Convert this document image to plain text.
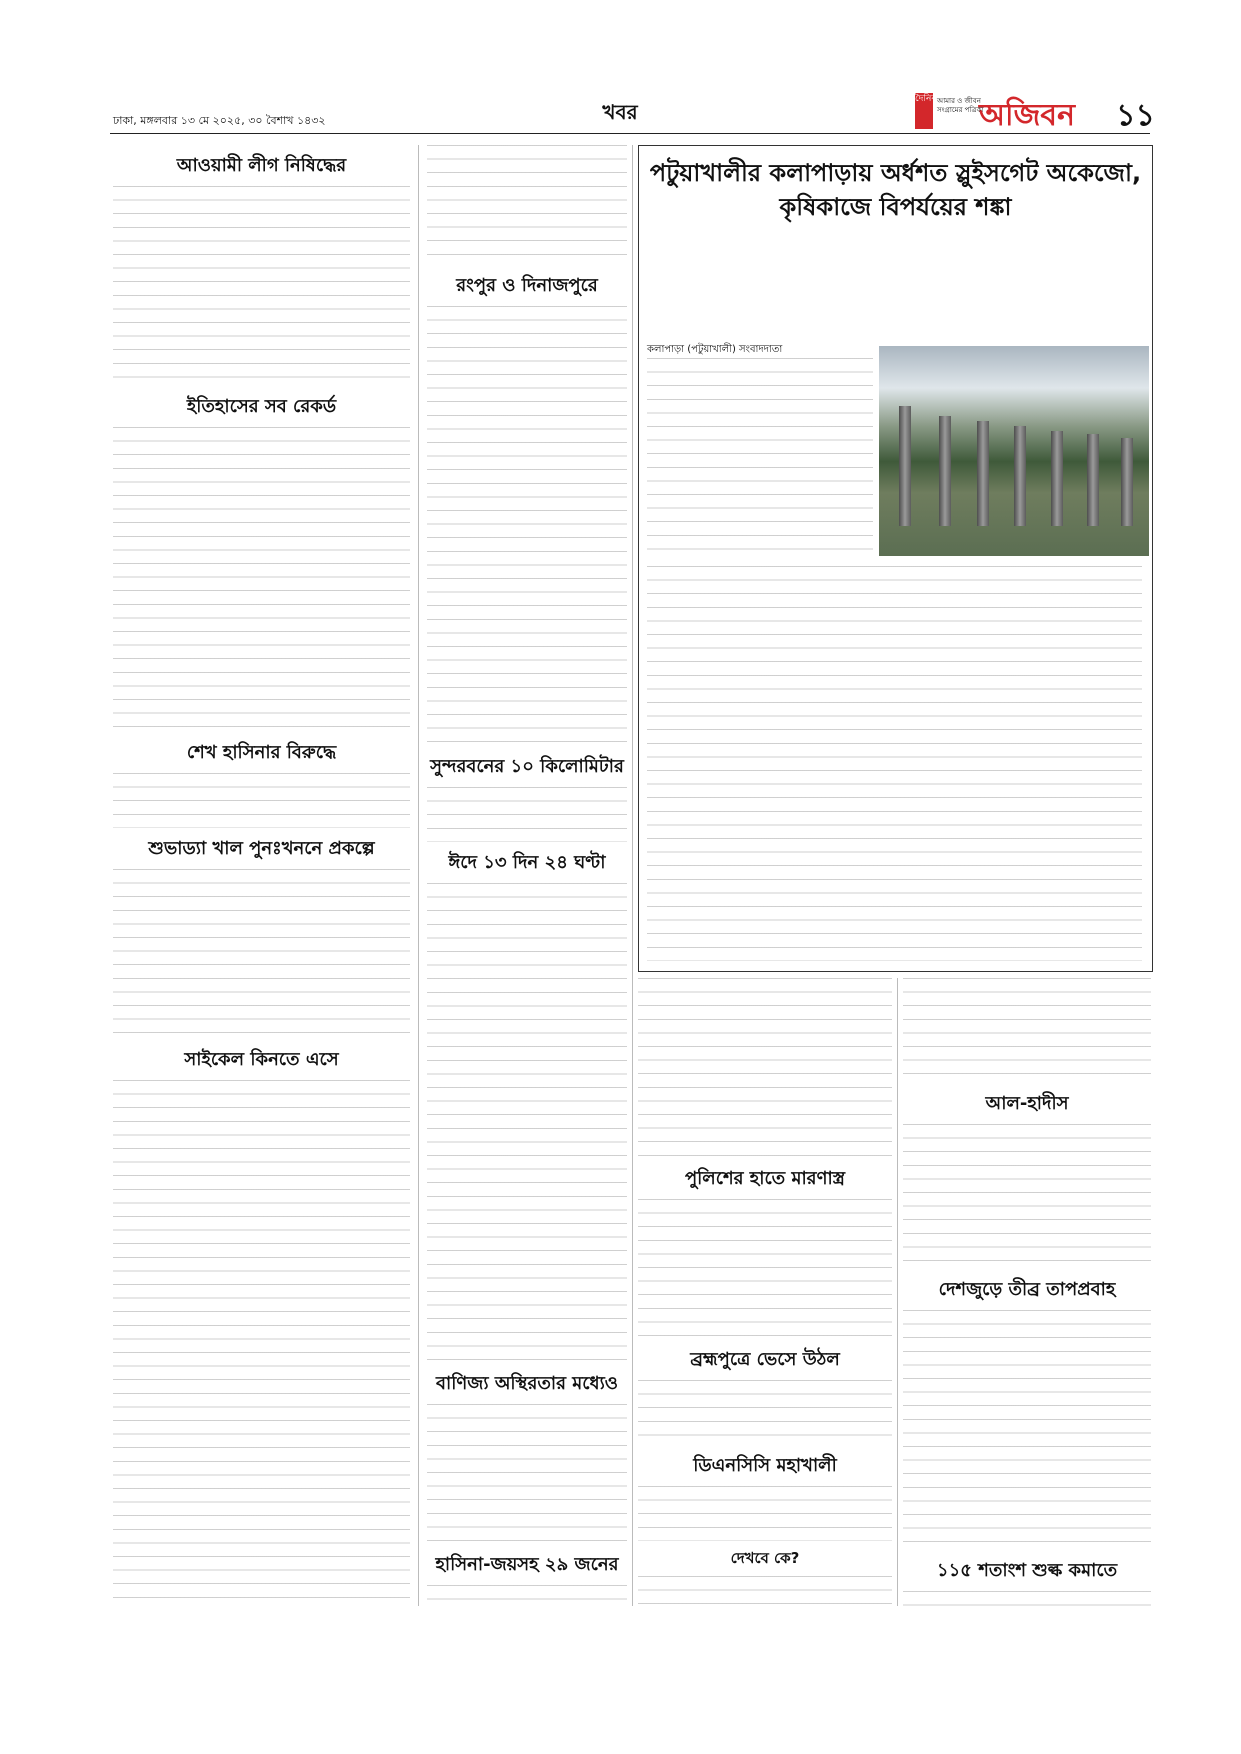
ঢাকা, মঙ্গলবার ১৩ মে ২০২৫, ৩০ বৈশাখ ১৪৩২	খবর
দৈনিক আমার ও জীবন সংগ্রামের পত্রিকা
অজিবন ১১
আওয়ামী লীগ নিষিদ্ধের
ইতিহাসের সব রেকর্ড
শেখ হাসিনার বিরুদ্ধে
শুভাড্যা খাল পুনঃখননে প্রকল্পে
সাইকেল কিনতে এসে
রংপুর ও দিনাজপুরে
সুন্দরবনের ১০ কিলোমিটার
ঈদে ১৩ দিন ২৪ ঘণ্টা
বাণিজ্য অস্থিরতার মধ্যেও
হাসিনা-জয়সহ ২৯ জনের
পটুয়াখালীর কলাপাড়ায় অর্ধশত স্লুইসগেট অকেজো,
কৃষিকাজে বিপর্যয়ের শঙ্কা
কলাপাড়া (পটুয়াখালী) সংবাদদাতা
পুলিশের হাতে মারণাস্ত্র
ব্রহ্মপুত্রে ভেসে উঠল
ডিএনসিসি মহাখালী
দেখবে কে?
আল-হাদীস
দেশজুড়ে তীব্র তাপপ্রবাহ
১১৫ শতাংশ শুল্ক কমাতে
